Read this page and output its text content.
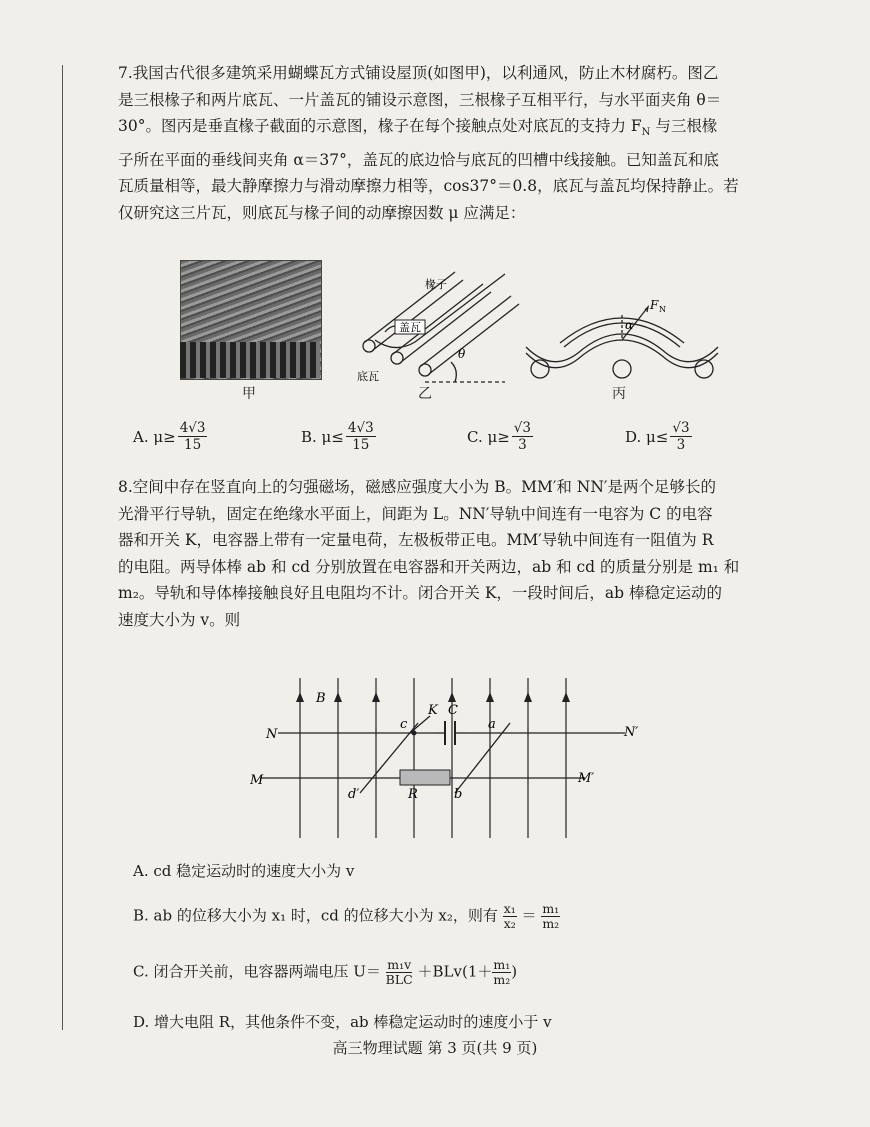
7.我国古代很多建筑采用蝴蝶瓦方式铺设屋顶(如图甲)，以利通风，防止木材腐朽。图乙

是三根椽子和两片底瓦、一片盖瓦的铺设示意图，三根椽子互相平行，与水平面夹角 θ＝

30°。图丙是垂直椽子截面的示意图，椽子在每个接触点处对底瓦的支持力 $F_N$ 与三根椽

子所在平面的垂线间夹角 α＝37°，盖瓦的底边恰与底瓦的凹槽中线接触。已知盖瓦和底

瓦质量相等，最大静摩擦力与滑动摩擦力相等，cos37°＝0.8，底瓦与盖瓦均保持静止。若

仅研究这三片瓦，则底瓦与椽子间的动摩擦因数 μ 应满足：

甲
盖瓦
椽子
底瓦
θ
乙
α
F N
丙
A. $\mu\ge \frac{4√3}{15}$	B. $\mu\le \frac{4√3}{15}$	C. $\mu\ge \frac{√3}{3}$	D. $\mu\le \frac{√3}{3}$

8.空间中存在竖直向上的匀强磁场，磁感应强度大小为 B。MM′和 NN′是两个足够长的

光滑平行导轨，固定在绝缘水平面上，间距为 L。NN′导轨中间连有一电容为 C 的电容

器和开关 K，电容器上带有一定量电荷，左极板带正电。MM′导轨中间连有一阻值为 R

的电阻。两导体棒 ab 和 cd 分别放置在电容器和开关两边，ab 和 cd 的质量分别是 m₁ 和

m₂。导轨和导体棒接触良好且电阻均不计。闭合开关 K，一段时间后，ab 棒稳定运动的

速度大小为 v。则

B
N	N′
M	M′
c
d′
K C
a
b
R
A. cd 稳定运动时的速度大小为 v
B. ab 的位移大小为 x₁ 时，cd 的位移大小为 x₂，则有 $\frac{\text{x₁}}{\text{x₂}} = \frac{\text{m₁}}{\text{m₂}}$
C. 闭合开关前，电容器两端电压 U＝ m₁v
BLC $+BLv(1+ \frac{\text{m₁}}{\text{m₂}}$ )
D. 增大电阻 R，其他条件不变，ab 棒稳定运动时的速度小于 v
高三物理试题 第 3 页(共 9 页)
